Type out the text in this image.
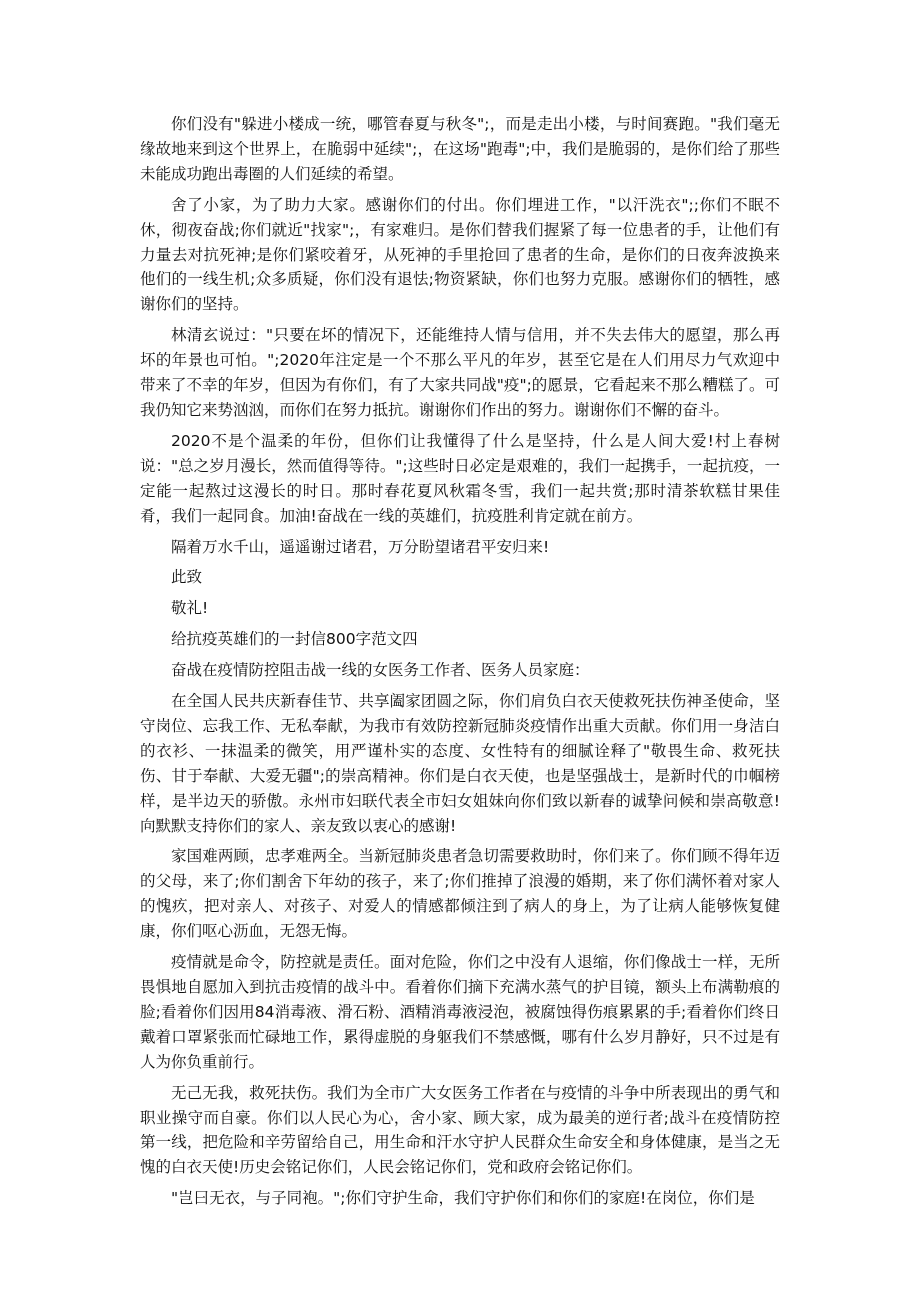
你们没有"躲进小楼成一统，哪管春夏与秋冬";，而是走出小楼，与时间赛跑。"我们毫无缘故地来到这个世界上，在脆弱中延续";，在这场"跑毒";中，我们是脆弱的，是你们给了那些未能成功跑出毒圈的人们延续的希望。

舍了小家，为了助力大家。感谢你们的付出。你们埋进工作，"以汗洗衣";;你们不眠不休，彻夜奋战;你们就近"找家";，有家难归。是你们替我们握紧了每一位患者的手，让他们有力量去对抗死神;是你们紧咬着牙，从死神的手里抢回了患者的生命，是你们的日夜奔波换来他们的一线生机;众多质疑，你们没有退怯;物资紧缺，你们也努力克服。感谢你们的牺牲，感谢你们的坚持。

林清玄说过："只要在坏的情况下，还能维持人情与信用，并不失去伟大的愿望，那么再坏的年景也可怕。";2020年注定是一个不那么平凡的年岁，甚至它是在人们用尽力气欢迎中带来了不幸的年岁，但因为有你们，有了大家共同战"疫";的愿景，它看起来不那么糟糕了。可我仍知它来势汹汹，而你们在努力抵抗。谢谢你们作出的努力。谢谢你们不懈的奋斗。

2020不是个温柔的年份，但你们让我懂得了什么是坚持，什么是人间大爱!村上春树说："总之岁月漫长，然而值得等待。";这些时日必定是艰难的，我们一起携手，一起抗疫，一定能一起熬过这漫长的时日。那时春花夏风秋霜冬雪，我们一起共赏;那时清茶软糕甘果佳肴，我们一起同食。加油!奋战在一线的英雄们，抗疫胜利肯定就在前方。

隔着万水千山，遥遥谢过诸君，万分盼望诸君平安归来!

此致

敬礼!

给抗疫英雄们的一封信800字范文四

奋战在疫情防控阻击战一线的女医务工作者、医务人员家庭：

在全国人民共庆新春佳节、共享阖家团圆之际，你们肩负白衣天使救死扶伤神圣使命，坚守岗位、忘我工作、无私奉献，为我市有效防控新冠肺炎疫情作出重大贡献。你们用一身洁白的衣衫、一抹温柔的微笑，用严谨朴实的态度、女性特有的细腻诠释了"敬畏生命、救死扶伤、甘于奉献、大爱无疆";的崇高精神。你们是白衣天使，也是坚强战士，是新时代的巾帼榜样，是半边天的骄傲。永州市妇联代表全市妇女姐妹向你们致以新春的诚挚问候和崇高敬意!向默默支持你们的家人、亲友致以衷心的感谢!

家国难两顾，忠孝难两全。当新冠肺炎患者急切需要救助时，你们来了。你们顾不得年迈的父母，来了;你们割舍下年幼的孩子，来了;你们推掉了浪漫的婚期，来了你们满怀着对家人的愧疚，把对亲人、对孩子、对爱人的情感都倾注到了病人的身上，为了让病人能够恢复健康，你们呕心沥血，无怨无悔。

疫情就是命令，防控就是责任。面对危险，你们之中没有人退缩，你们像战士一样，无所畏惧地自愿加入到抗击疫情的战斗中。看着你们摘下充满水蒸气的护目镜，额头上布满勒痕的脸;看着你们因用84消毒液、滑石粉、酒精消毒液浸泡，被腐蚀得伤痕累累的手;看着你们终日戴着口罩紧张而忙碌地工作，累得虚脱的身躯我们不禁感慨，哪有什么岁月静好，只不过是有人为你负重前行。

无己无我，救死扶伤。我们为全市广大女医务工作者在与疫情的斗争中所表现出的勇气和职业操守而自豪。你们以人民心为心，舍小家、顾大家，成为最美的逆行者;战斗在疫情防控第一线，把危险和辛劳留给自己，用生命和汗水守护人民群众生命安全和身体健康，是当之无愧的白衣天使!历史会铭记你们，人民会铭记你们，党和政府会铭记你们。

"岂曰无衣，与子同袍。";你们守护生命，我们守护你们和你们的家庭!在岗位，你们是
